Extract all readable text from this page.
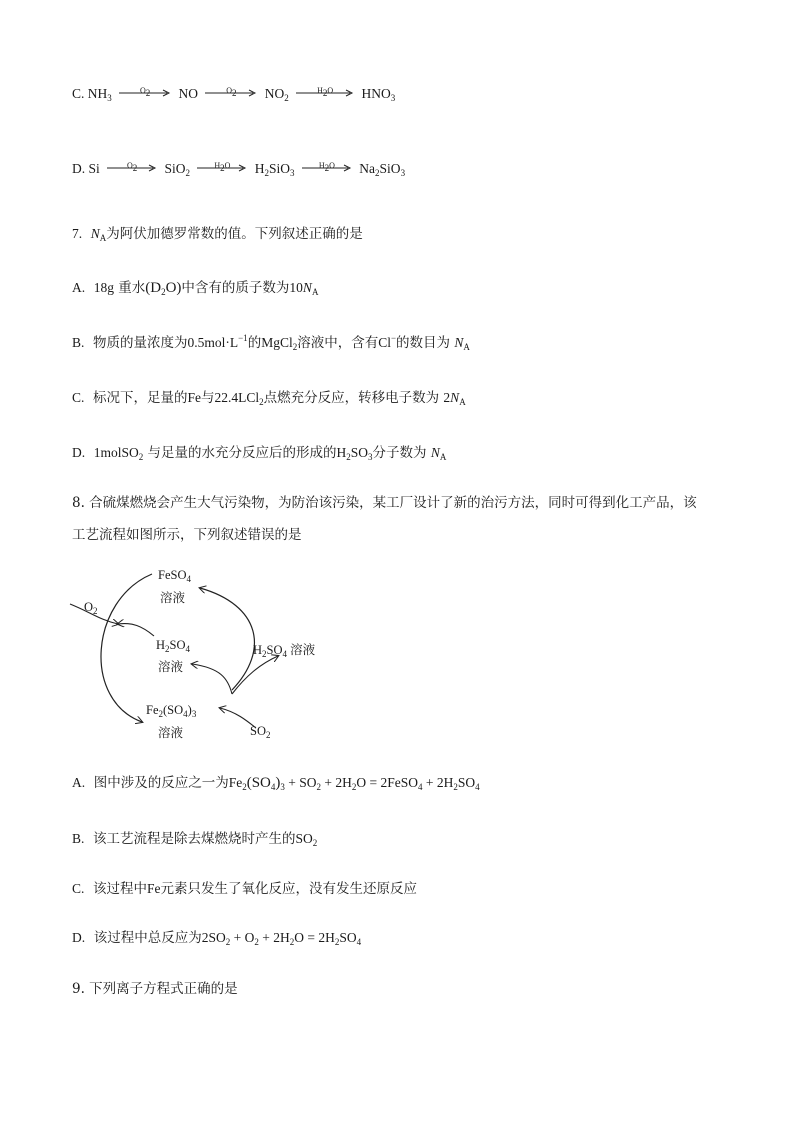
C. $NH_3$
$O_2$	NO	$O_2$	$NO_2$
$H_2O$	$HNO_3$
D. Si	$O_2$	SiO$_2$
$H_2O$	$H_2SiO_3$
$H_2O$	$Na_2SiO_3$
7. $N_A$为阿伏加德罗常数的值。下列叙述正确的是
A. 18g 重水$(D_2O)$中含有的质子数为$10N_A$
B. 物质的量浓度为$0.5mol\cdot L^{-1}$的MgCl$_2$溶液中，含有Cl−的数目为 $N_A$
C. 标况下，足量的Fe与22.4LCl$_2$点燃充分反应，转移电子数为 $2N_A$
D. 1molSO$_2$ 与足量的水充分反应后的形成的$H_2SO_3$分子数为 $N_A$
8. 合硫煤燃烧会产生大气污染物，为防治该污染，某工厂设计了新的治污方法，同时可得到化工产品，该
工艺流程如图所示，下列叙述错误的是
FeSO$_4$
溶液
$O_2$
$H_2SO_4$
溶液
$H_2SO_4$ 溶液
$Fe_2(SO_4)_3$
溶液	$SO_2$
A. 图中涉及的反应之一为$Fe_2(SO_4)_3 + SO_2 + 2H_2O$ = 2FeSO$_4$ + $2H_2SO_4$
B. 该工艺流程是除去煤燃烧时产生的$SO_2$
C. 该过程中Fe元素只发生了氧化反应，没有发生还原反应
D. 该过程中总反应为$2SO_2 + O_2 + 2H_2O = 2H_2SO_4$
9. 下列离子方程式正确的是
